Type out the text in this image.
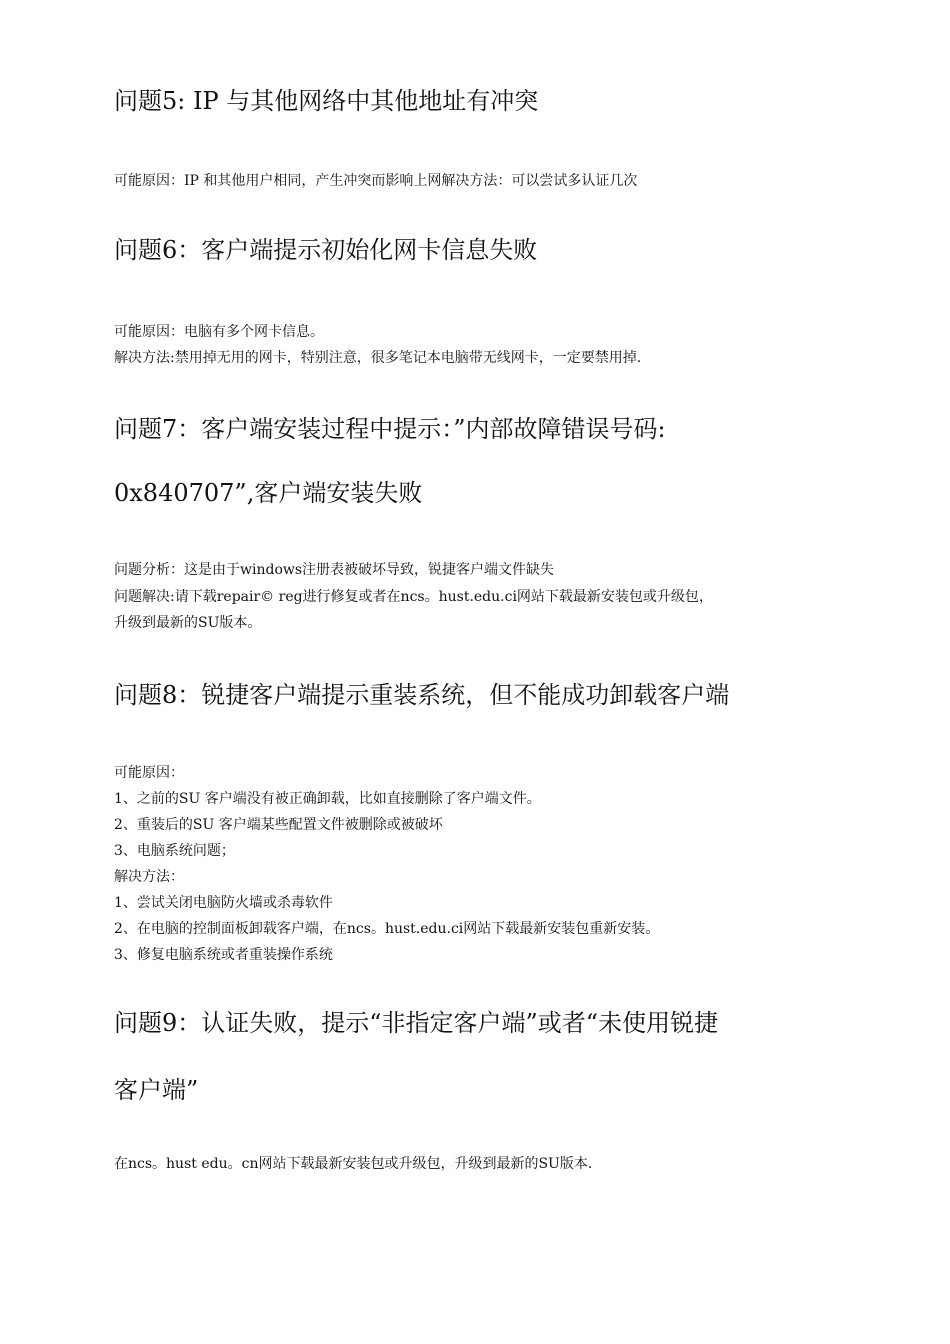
问题5: IP 与其他网络中其他地址有冲突

可能原因：IP 和其他用户相同，产生冲突而影响上网解决方法：可以尝试多认证几次

问题6：客户端提示初始化网卡信息失败

可能原因：电脑有多个网卡信息。

解决方法:禁用掉无用的网卡，特别注意，很多笔记本电脑带无线网卡，一定要禁用掉.

问题7：客户端安装过程中提示：”内部故障错误号码:
0x840707”,客户端安装失败

问题分析：这是由于windows注册表被破坏导致，锐捷客户端文件缺失

问题解决:请下载repair© reg进行修复或者在ncs。hust.edu.ci网站下载最新安装包或升级包，

升级到最新的SU版本。

问题8：锐捷客户端提示重装系统，但不能成功卸载客户端

可能原因：

1、之前的SU 客户端没有被正确卸载，比如直接删除了客户端文件。

2、重装后的SU 客户端某些配置文件被删除或被破坏

3、电脑系统问题；

解决方法：

1、尝试关闭电脑防火墙或杀毒软件

2、在电脑的控制面板卸载客户端，在ncs。hust.edu.ci网站下载最新安装包重新安装。

3、修复电脑系统或者重装操作系统

问题9：认证失败，提示“非指定客户端”或者“未使用锐捷
客户端”

在ncs。hust edu。cn网站下载最新安装包或升级包，升级到最新的SU版本.
